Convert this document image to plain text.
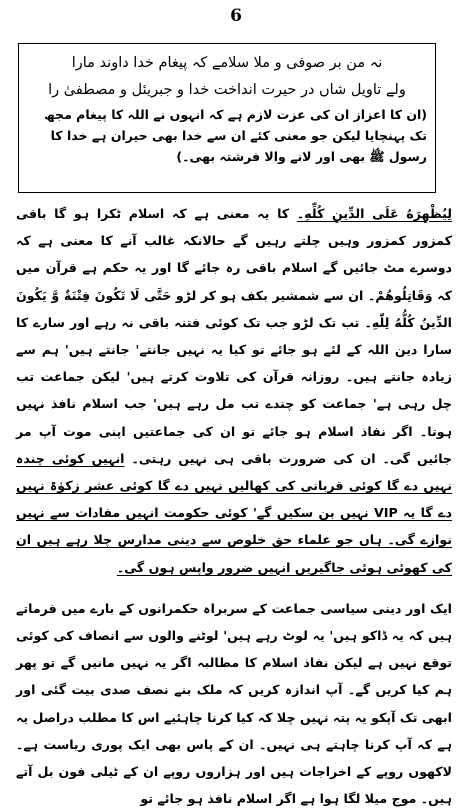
6

نہ من بر صوفی و ملا سلامے کہ پیغام خدا داوند مارا

ولے تاویل شاں در حیرت انداخت خدا و جبریئل و مصطفیٰ را

(ان کا اعزاز ان کی عزت لازم ہے کہ انہوں نے اللہ کا پیغام مجھ تک پہنچایا لیکن جو معنی کئے ان سے خدا بھی حیران ہے خدا کا رسول ﷺ بھی اور لانے والا فرشتہ بھی۔)

لِیُظْهِرَهُ عَلَى الدِّینِ كُلِّهِ۔ کا یہ معنی ہے کہ اسلام ٹکرا ہو گا باقی کمزور کمزور وہیں چلتے رہیں گے حالانکہ غالب آنے کا معنی ہے کہ دوسرے مٹ جائیں گے اسلام باقی رہ جائے گا اور یہ حکم ہے قرآن میں کہ وَقَاتِلُوهُمْ۔ ان سے شمشیر بکف ہو کر لڑو حَتَّى لَا تَكُونَ فِتْنَةٌ وَّ يَكُونَ الدِّينُ كُلُّهُ لِلّٰهِ۔ تب تک لڑو جب تک کوئی فتنہ باقی نہ رہے اور سارے کا سارا دین اللہ کے لئے ہو جائے تو کیا یہ نہیں جانتے' جانتے ہیں' ہم سے زیادہ جانتے ہیں۔ روزانہ قرآن کی تلاوت کرتے ہیں' لیکن جماعت تب چل رہی ہے' جماعت کو چندے تب مل رہے ہیں' جب اسلام نافذ نہیں ہوتا۔ اگر نفاذ اسلام ہو جائے تو ان کی جماعتیں اپنی موت آپ مر جائیں گی۔ ان کی ضرورت باقی ہی نہیں رہتی۔ انہیں کوئی چندہ نہیں دے گا کوئی قربانی کی کھالیں نہیں دے گا کوئی عشر زکوٰۃ نہیں دے گا یہ VIP نہیں بن سکیں گے' کوئی حکومت انہیں مفادات سے نہیں نوازے گی۔ ہاں جو علماء حق خلوص سے دینی مدارس چلا رہے ہیں ان کی کھوئی ہوئی جاگیریں انہیں ضرور واپس ہوں گی۔

ایک اور دینی سیاسی جماعت کے سربراہ حکمرانوں کے بارے میں فرماتے ہیں کہ یہ ڈاکو ہیں' یہ لوٹ رہے ہیں' لوٹنے والوں سے انصاف کی کوئی توقع نہیں ہے لیکن نفاذ اسلام کا مطالبہ اگر یہ نہیں مانیں گے تو پھر ہم کیا کریں گے۔ آپ اندازہ کریں کہ ملک بنے نصف صدی بیت گئی اور ابھی تک آپکو یہ پتہ نہیں چلا کہ کیا کرنا چاہئیے اس کا مطلب دراصل یہ ہے کہ آپ کرنا چاہتے ہی نہیں۔ ان کے پاس بھی ایک پوری ریاست ہے۔ لاکھوں روپے کے اخراجات ہیں اور ہزاروں روپے ان کے ٹیلی فون بل آتے ہیں۔ موج میلا لگا ہوا ہے اگر اسلام نافذ ہو جائے تو
